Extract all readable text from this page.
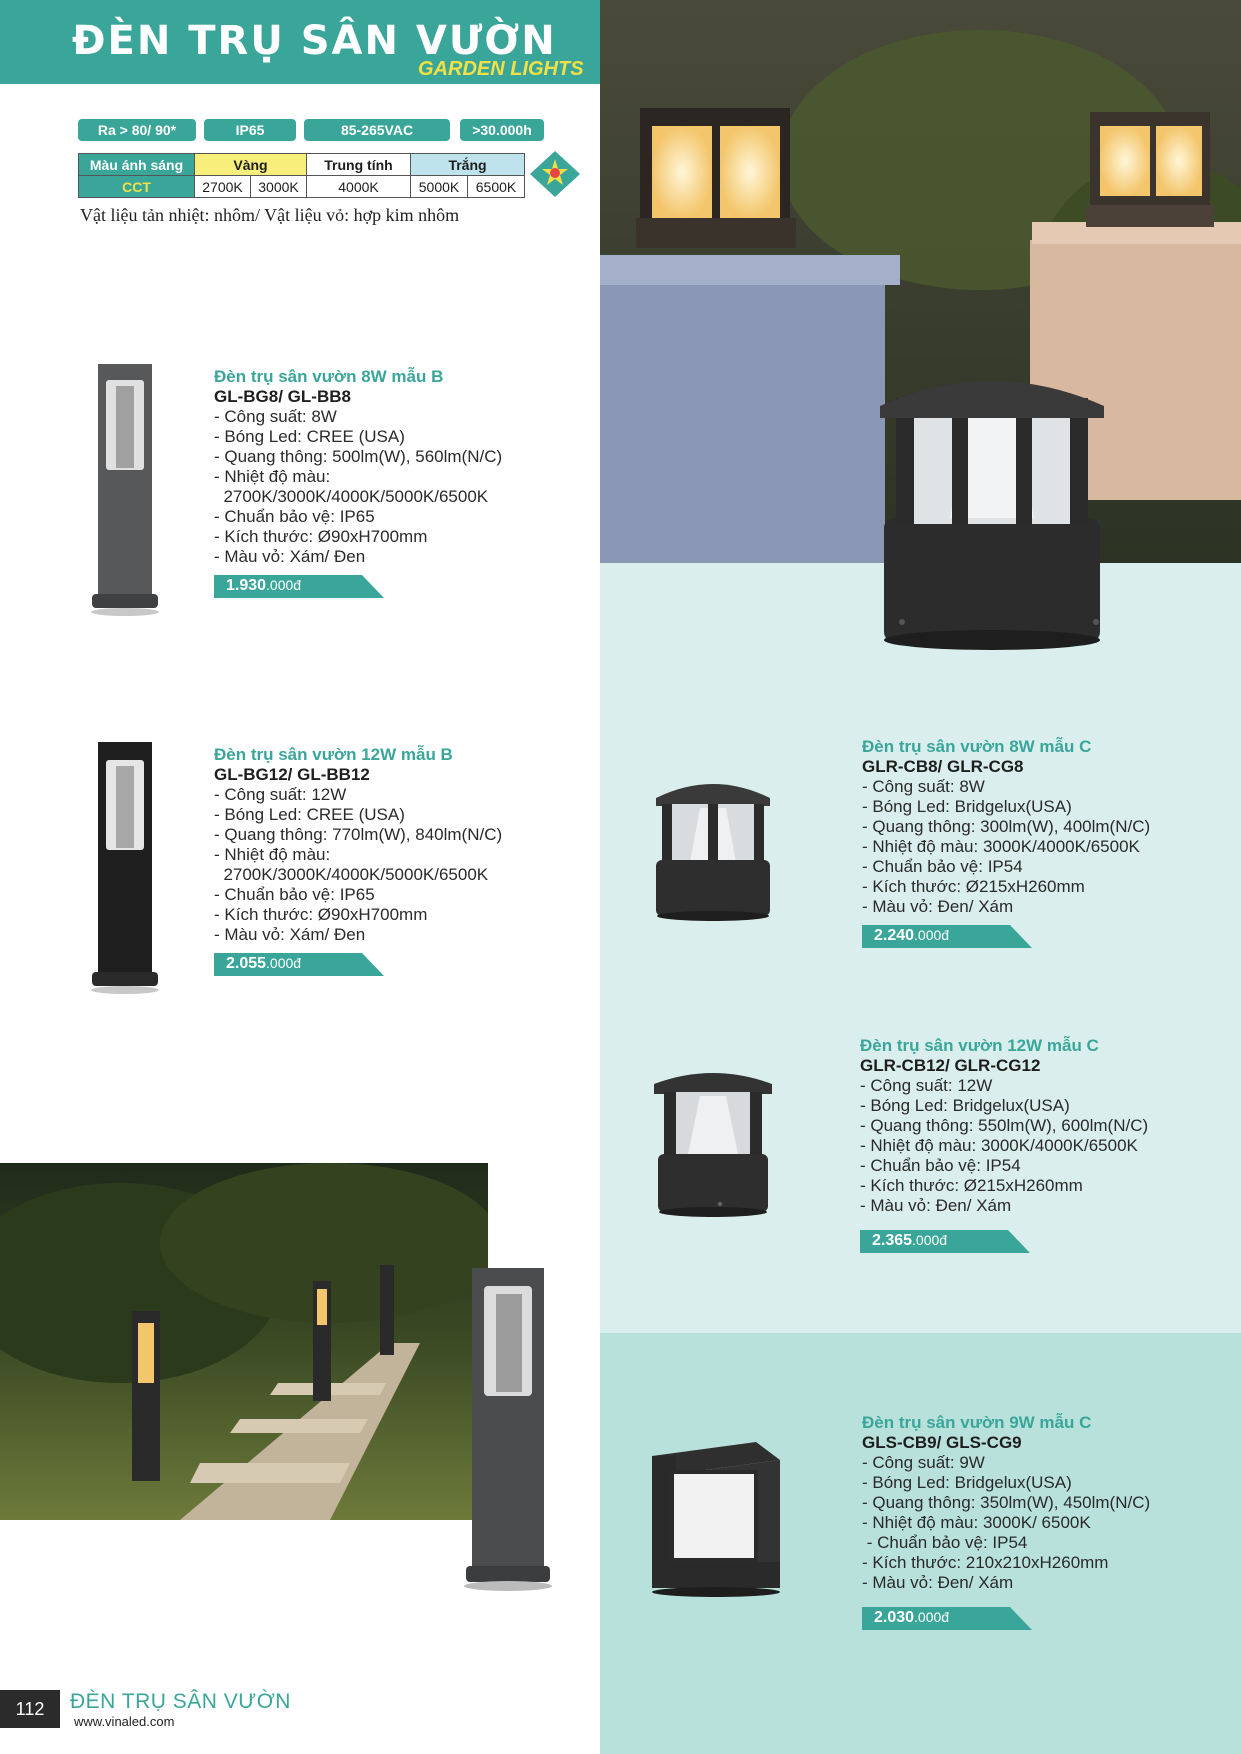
ĐÈN TRỤ SÂN VƯỜN
GARDEN LIGHTS
Ra > 80/ 90*	IP65	85-265VAC	>30.000h
Màu ánh sáng	Vàng		Trung tính	Trắng	
CCT	2700K	3000K	4000K	5000K	6500K
Vật liệu tản nhiệt: nhôm/ Vật liệu vỏ: hợp kim nhôm
Đèn trụ sân vườn 8W mẫu B
GL-BG8/ GL-BB8
- Công suất: 8W
- Bóng Led: CREE (USA)
- Quang thông: 500lm(W), 560lm(N/C)
- Nhiệt độ màu:
2700K/3000K/4000K/5000K/6500K
- Chuẩn bảo vệ: IP65
- Kích thước: Ø90xH700mm
- Màu vỏ: Xám/ Đen
1.930.000đ
Đèn trụ sân vườn 12W mẫu B
GL-BG12/ GL-BB12
- Công suất: 12W
- Bóng Led: CREE (USA)
- Quang thông: 770lm(W), 840lm(N/C)
- Nhiệt độ màu:
2700K/3000K/4000K/5000K/6500K
- Chuẩn bảo vệ: IP65
- Kích thước: Ø90xH700mm
- Màu vỏ: Xám/ Đen
2.055.000đ
Đèn trụ sân vườn 8W mẫu C
GLR-CB8/ GLR-CG8
- Công suất: 8W
- Bóng Led: Bridgelux(USA)
- Quang thông: 300lm(W), 400lm(N/C)
- Nhiệt độ màu: 3000K/4000K/6500K
- Chuẩn bảo vệ: IP54
- Kích thước: Ø215xH260mm
- Màu vỏ: Đen/ Xám
2.240.000đ
Đèn trụ sân vườn 12W mẫu C
GLR-CB12/ GLR-CG12
- Công suất: 12W
- Bóng Led: Bridgelux(USA)
- Quang thông: 550lm(W), 600lm(N/C)
- Nhiệt độ màu: 3000K/4000K/6500K
- Chuẩn bảo vệ: IP54
- Kích thước: Ø215xH260mm
- Màu vỏ: Đen/ Xám
2.365.000đ
Đèn trụ sân vườn 9W mẫu C
GLS-CB9/ GLS-CG9
- Công suất: 9W
- Bóng Led: Bridgelux(USA)
- Quang thông: 350lm(W), 450lm(N/C)
- Nhiệt độ màu: 3000K/ 6500K
- Chuẩn bảo vệ: IP54
- Kích thước: 210x210xH260mm
- Màu vỏ: Đen/ Xám
2.030.000đ
112	ĐÈN TRỤ SÂN VƯỜN
www.vinaled.com
